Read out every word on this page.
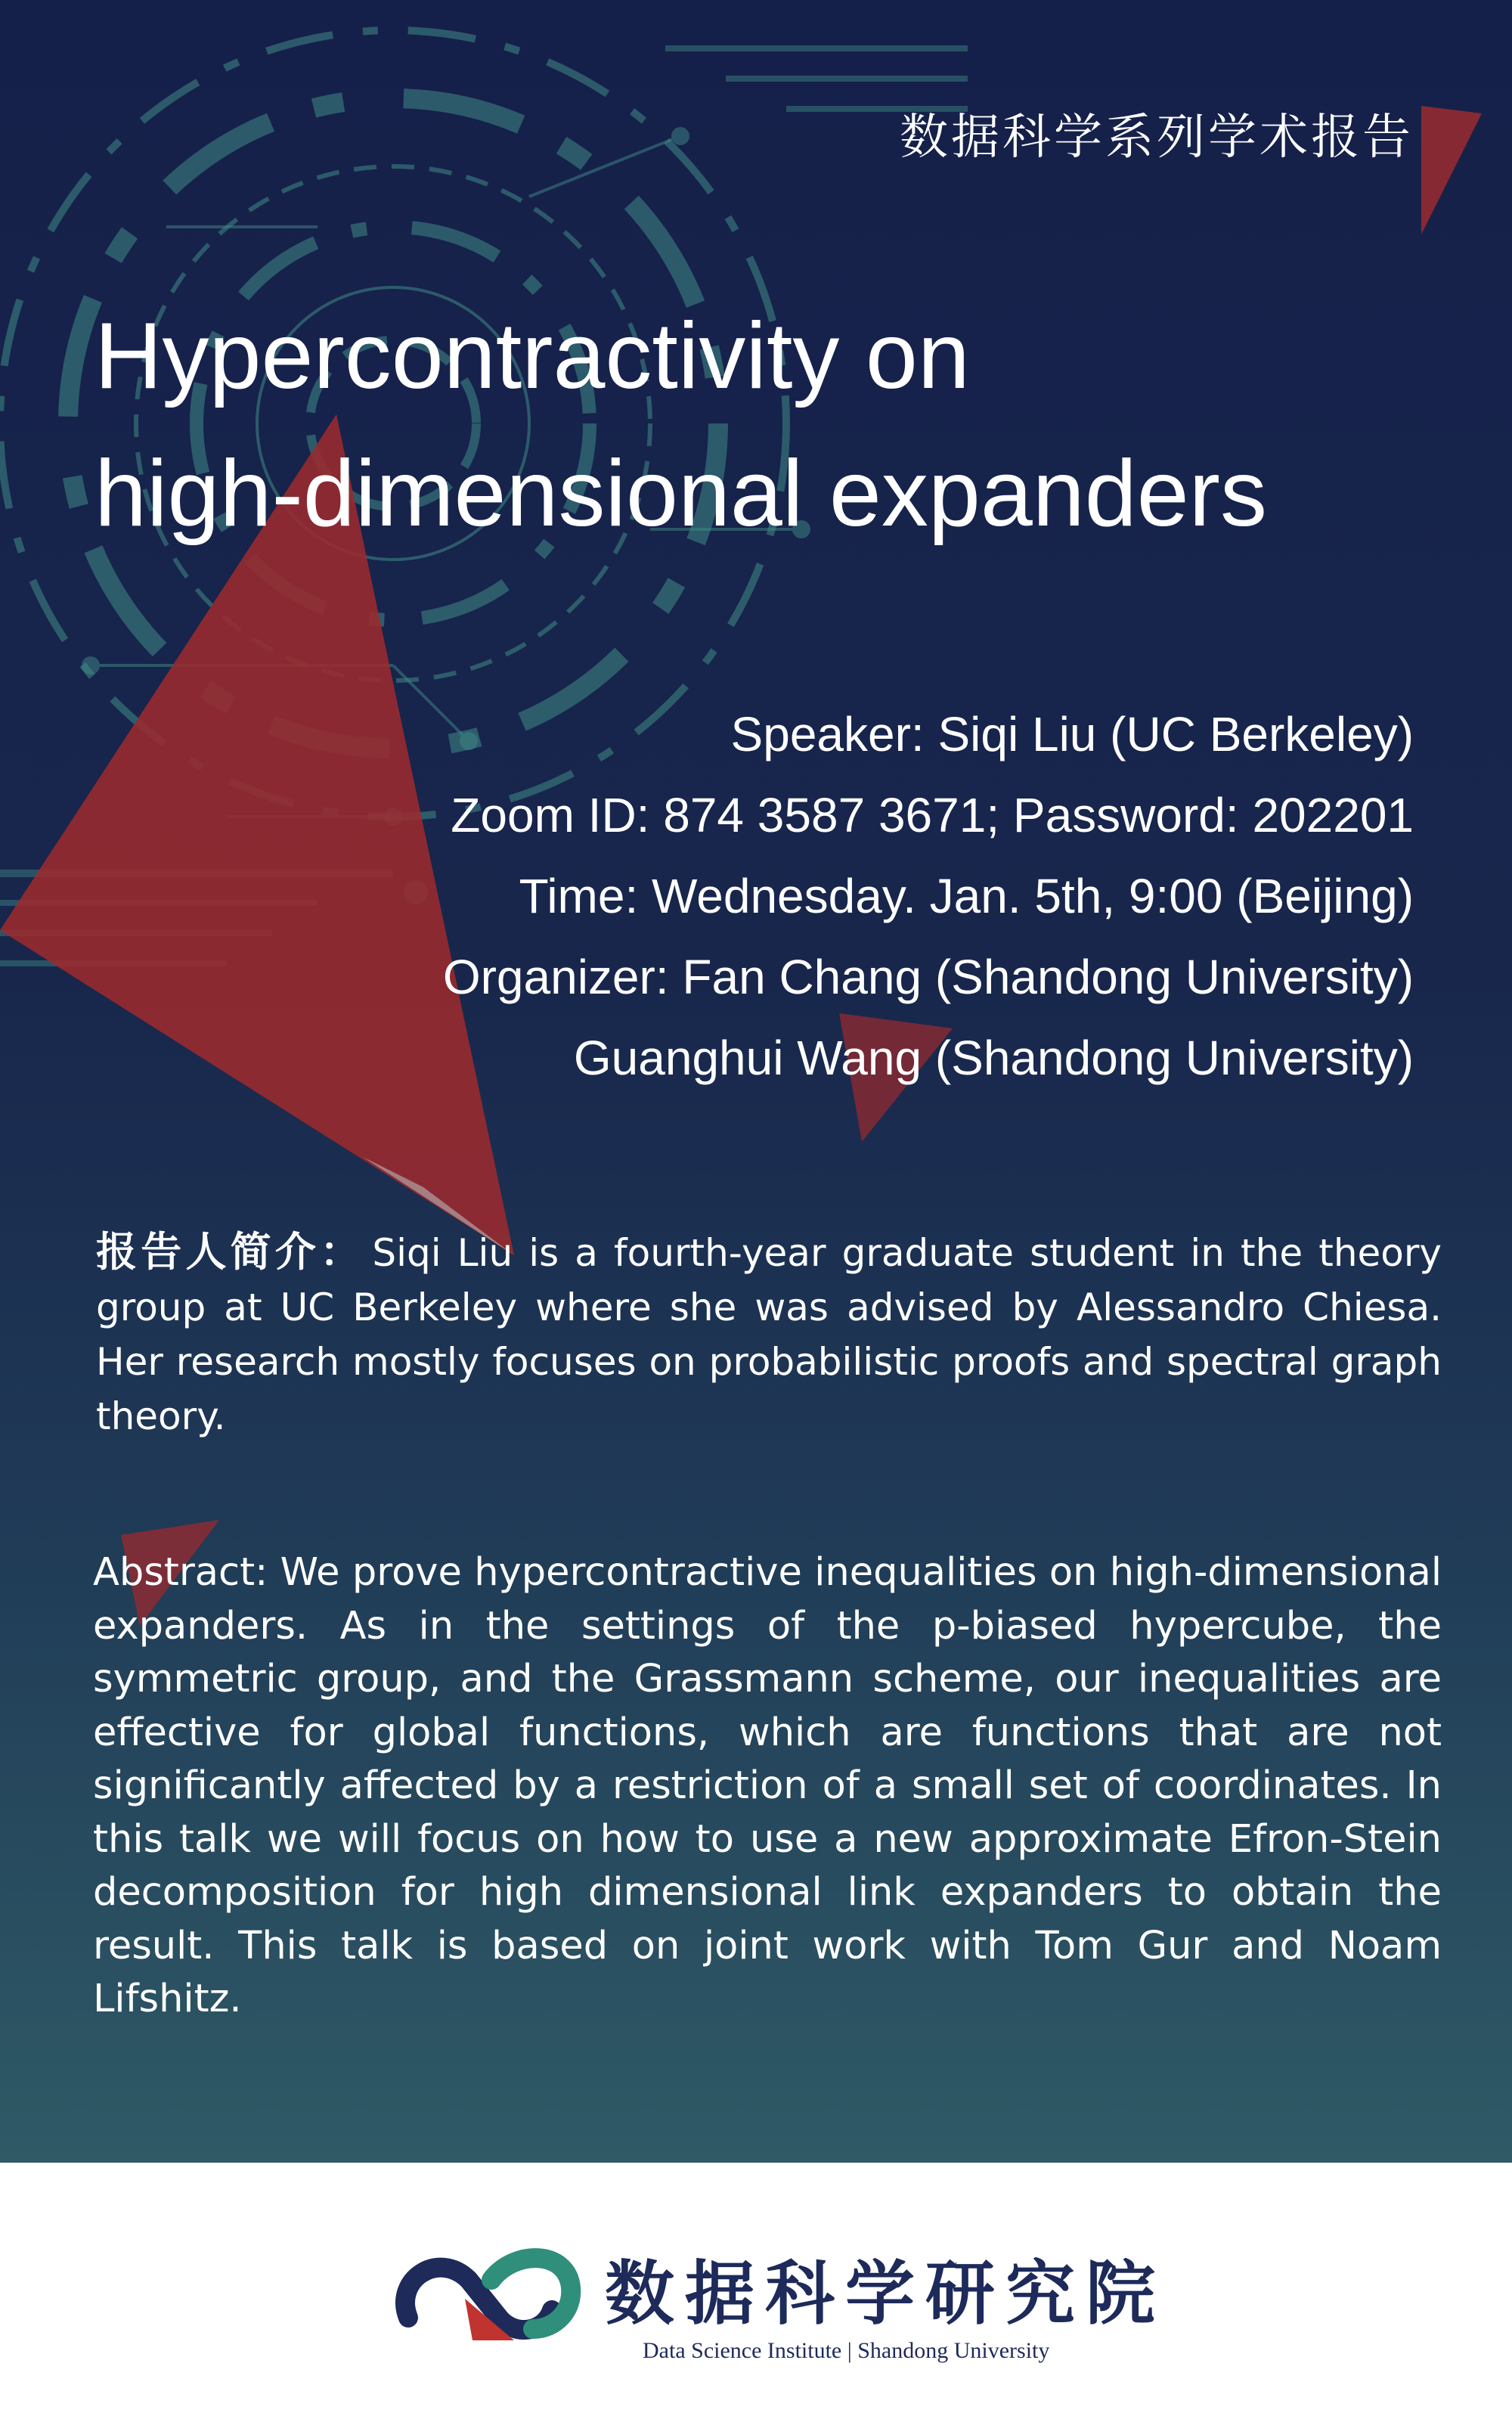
数据科学系列学术报告
Hypercontractivity on
high-dimensional expanders
Speaker: Siqi Liu (UC Berkeley)
Zoom ID: 874 3587 3671; Password: 202201
Time: Wednesday. Jan. 5th, 9:00 (Beijing)
Organizer: Fan Chang (Shandong University)
Guanghui Wang (Shandong University)
报告人简介： Siqi Liu is a fourth-year graduate student in the theory group at UC Berkeley where she was advised by Alessandro Chiesa. Her research mostly focuses on probabilistic proofs and spectral graph theory.
Abstract: We prove hypercontractive inequalities on high-dimensional expanders. As in the settings of the p-biased hypercube, the symmetric group, and the Grassmann scheme, our inequalities are effective for global functions, which are functions that are not significantly affected by a restriction of a small set of coordinates. In this talk we will focus on how to use a new approximate Efron-Stein decomposition for high dimensional link expanders to obtain the result. This talk is based on joint work with Tom Gur and Noam Lifshitz.
数据科学研究院
Data Science Institute | Shandong University
